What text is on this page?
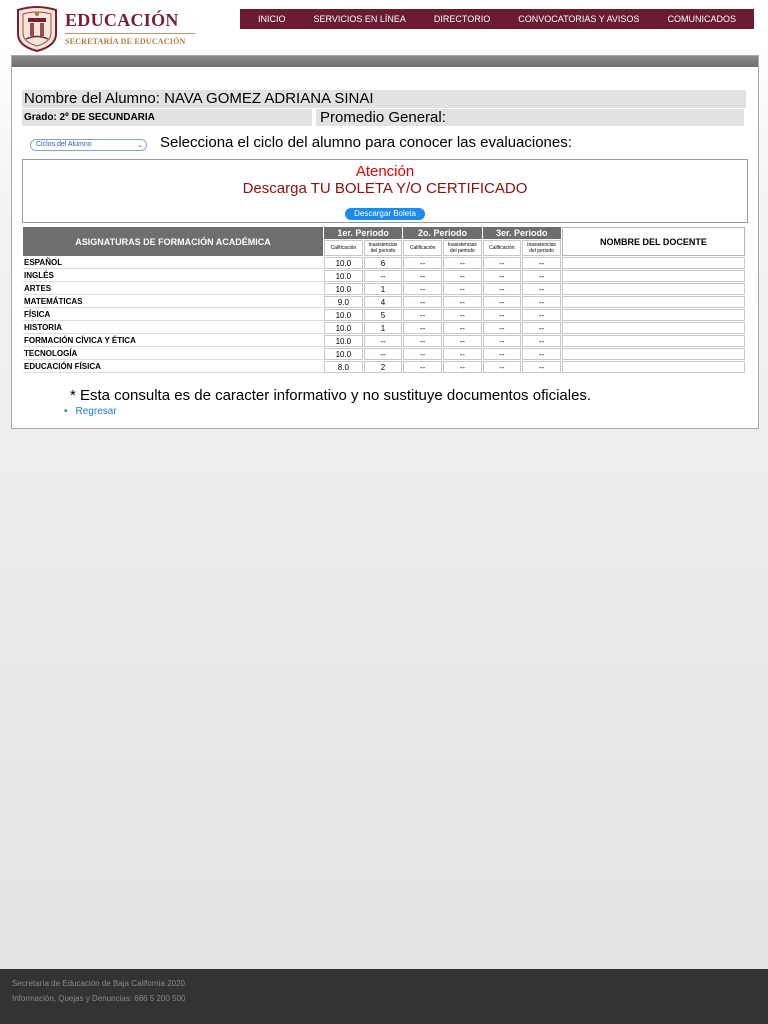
EDUCACIÓN
SECRETARÍA DE EDUCACIÓN
INICIO	SERVICIOS EN LÍNEA	DIRECTORIO	CONVOCATORIAS Y AVISOS	COMUNICADOS
Nombre del Alumno: NAVA GOMEZ ADRIANA SINAI
Grado: 2º DE SECUNDARIA	Promedio General:
Ciclos del Alumno	⌄ Selecciona el ciclo del alumno para conocer las evaluaciones:
Atención
Descarga TU BOLETA Y/O CERTIFICADO
Descargar Boleta
ASIGNATURAS DE FORMACIÓN ACADÉMICA	1er. Periodo		2o. Periodo		3er. Periodo		NOMBRE DEL DOCENTE
	Calificación	Inasistencias del periodo	Calificación	Inasistencias del periodo	Calificación	Inasistencias del periodo	
ESPAÑOL	10.0	6	--	--	--	--	
INGLÉS	10.0	--	--	--	--	--	
ARTES	10.0	1	--	--	--	--	
MATEMÁTICAS	9.0	4	--	--	--	--	
FÍSICA	10.0	5	--	--	--	--	
HISTORIA	10.0	1	--	--	--	--	
FORMACIÓN CÍVICA Y ÉTICA	10.0	--	--	--	--	--	
TECNOLOGÍA	10.0	--	--	--	--	--	
EDUCACIÓN FÍSICA	8.0	2	--	--	--	--	
* Esta consulta es de caracter informativo y no sustituye documentos oficiales.
• Regresar

Secretaría de Educación de Baja California 2020.

Información, Quejas y Denuncias: 686 5 200 500
